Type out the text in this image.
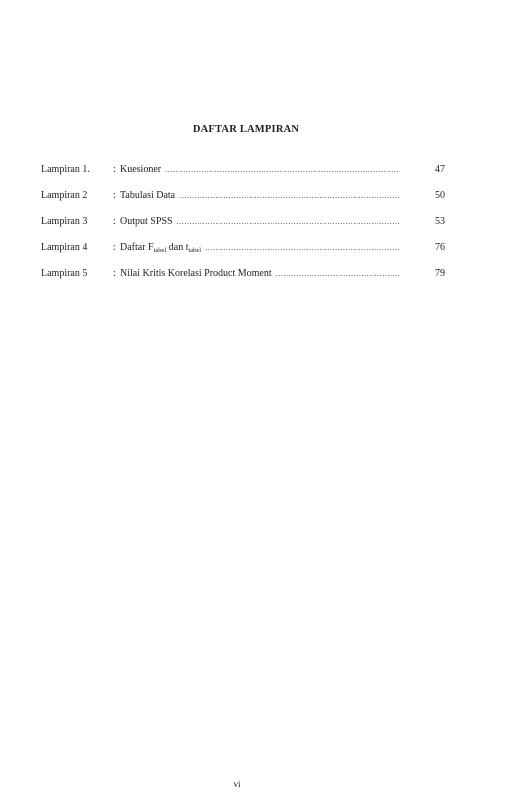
DAFTAR LAMPIRAN
Lampiran 1.	: Kuesioner .....	47
Lampiran 2	: Tabulasi Data .....	50
Lampiran 3	: Output SPSS .....	53
Lampiran 4	: Daftar $F_{tabel}$ dan $t_{tabel}$ .....	76
Lampiran 5	: Nilai Kritis Korelasi Product Moment .....	79
vi
